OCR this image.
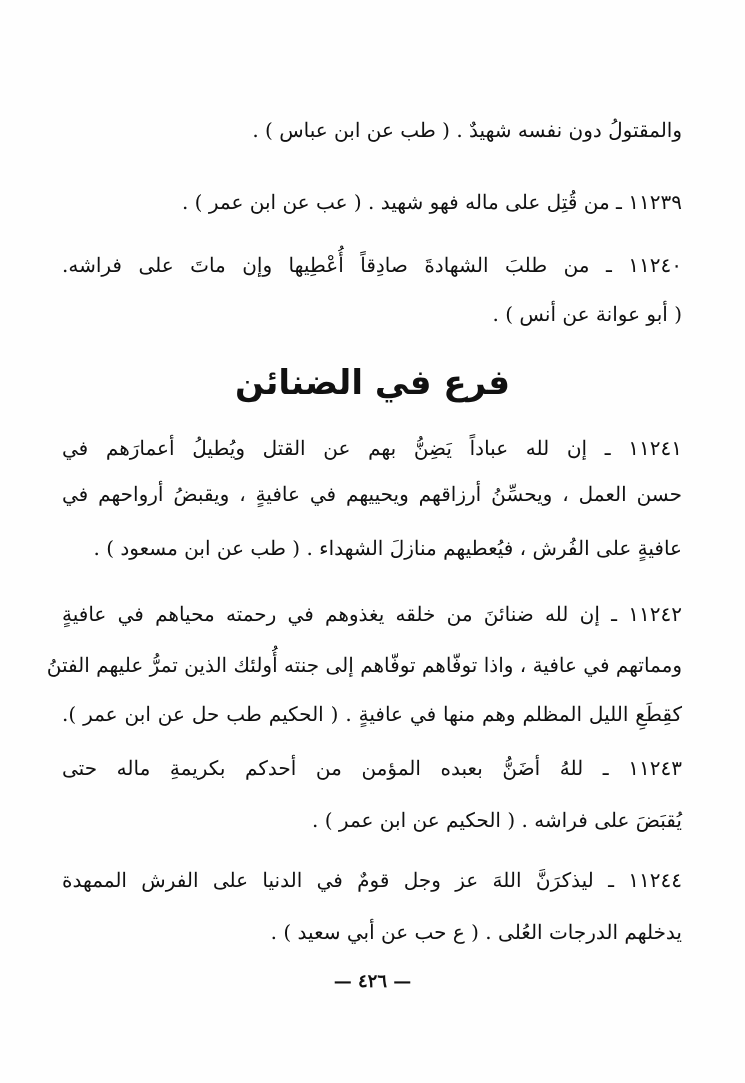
والمقتولُ دون نفسه شهيدٌ . ( طب عن ابن عباس ) .
١١٢٣٩ ـ من قُتِل على ماله فهو شهيد . ( عب عن ابن عمر ) .
١١٢٤٠ ـ من طلبَ الشهادةَ صادِقاً أُعْطِيها وإن ماتَ على فراشه.
( أبو عوانة عن أنس ) .
فرع في الضنائن
١١٢٤١ ـ إن لله عباداً يَضِنُّ بهم عن القتل ويُطيلُ أعمارَهم في
حسن العمل ، ويحسِّنُ أرزاقهم ويحييهم في عافيةٍ ، ويقبضُ أرواحهم في
عافيةٍ على الفُرش ، فيُعطيهم منازلَ الشهداء . ( طب عن ابن مسعود ) .
١١٢٤٢ ـ إن لله ضنائنَ من خلقه يغذوهم في رحمته محياهم في عافيةٍ
ومماتهم في عافية ، واذا توفّاهم توفّاهم إلى جنته أُولئك الذين تمرُّ عليهم الفتنُ
كقِطَعِ الليل المظلم وهم منها في عافيةٍ . ( الحكيم طب حل عن ابن عمر ).
١١٢٤٣ ـ للهُ أضَنُّ بعبده المؤمن من أحدكم بكريمةِ ماله حتى
يُقبَضَ على فراشه . ( الحكيم عن ابن عمر ) .
١١٢٤٤ ـ ليذكرَنَّ اللهَ عز وجل قومٌ في الدنيا على الفرش الممهدة
يدخلهم الدرجات العُلى . ( ع حب عن أبي سعيد ) .
— ٤٢٦ —
